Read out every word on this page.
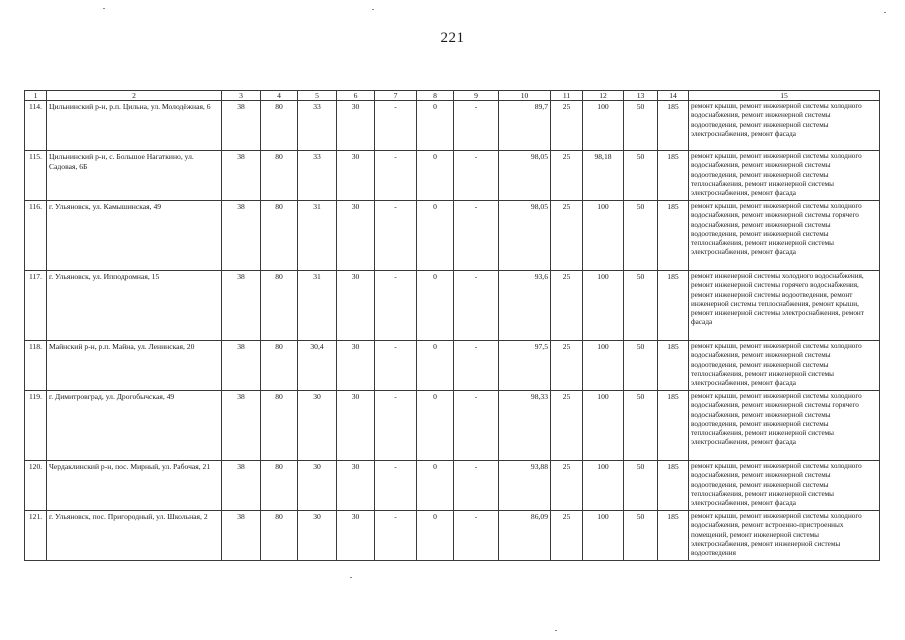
221
1	2	3	4	5	6	7	8	9	10	11	12	13	14	15
114.	Цильнинский р-н, р.п. Цильна, ул. Молодёжная, 6	38	80	33	30	-	0	-	89,7	25	100	50	185	ремонт крыши, ремонт инженерной системы холодного водоснабжения, ремонт инженерной системы водоотведения, ремонт инженерной системы электроснабжения, ремонт фасада
115.	Цильнинский р-н, с. Большое Нагаткино, ул. Садовая, 6Б	38	80	33	30	-	0	-	98,05	25	98,18	50	185	ремонт крыши, ремонт инженерной системы холодного водоснабжения, ремонт инженерной системы водоотведения, ремонт инженерной системы теплоснабжения, ремонт инженерной системы электроснабжения, ремонт фасада
116.	г. Ульяновск, ул. Камышинская, 49	38	80	31	30	-	0	-	98,05	25	100	50	185	ремонт крыши, ремонт инженерной системы холодного водоснабжения, ремонт инженерной системы горячего водоснабжения, ремонт инженерной системы водоотведения, ремонт инженерной системы теплоснабжения, ремонт инженерной системы электроснабжения, ремонт фасада
117.	г. Ульяновск, ул. Ипподромная, 15	38	80	31	30	-	0	-	93,6	25	100	50	185	ремонт инженерной системы холодного водоснабжения, ремонт инженерной системы горячего водоснабжения, ремонт инженерной системы водоотведения, ремонт инженерной системы теплоснабжения, ремонт крыши, ремонт инженерной системы электроснабжения, ремонт фасада
118.	Майнский р-н, р.п. Майна, ул. Ленинская, 20	38	80	30,4	30	-	0	-	97,5	25	100	50	185	ремонт крыши, ремонт инженерной системы холодного водоснабжения, ремонт инженерной системы водоотведения, ремонт инженерной системы теплоснабжения, ремонт инженерной системы электроснабжения, ремонт фасада
119.	г. Димитровград, ул. Дрогобычская, 49	38	80	30	30	-	0	-	98,33	25	100	50	185	ремонт крыши, ремонт инженерной системы холодного водоснабжения, ремонт инженерной системы горячего водоснабжения, ремонт инженерной системы водоотведения, ремонт инженерной системы теплоснабжения, ремонт инженерной системы электроснабжения, ремонт фасада
120.	Чердаклинский р-н, пос. Мирный, ул. Рабочая, 21	38	80	30	30	-	0	-	93,88	25	100	50	185	ремонт крыши, ремонт инженерной системы холодного водоснабжения, ремонт инженерной системы водоотведения, ремонт инженерной системы теплоснабжения, ремонт инженерной системы электроснабжения, ремонт фасада
121.	г. Ульяновск, пос. Пригородный, ул. Школьная, 2	38	80	30	30	-	0	-	86,09	25	100	50	185	ремонт крыши, ремонт инженерной системы холодного водоснабжения, ремонт встроенно-пристроенных помещений, ремонт инженерной системы электроснабжения, ремонт инженерной системы водоотведения
